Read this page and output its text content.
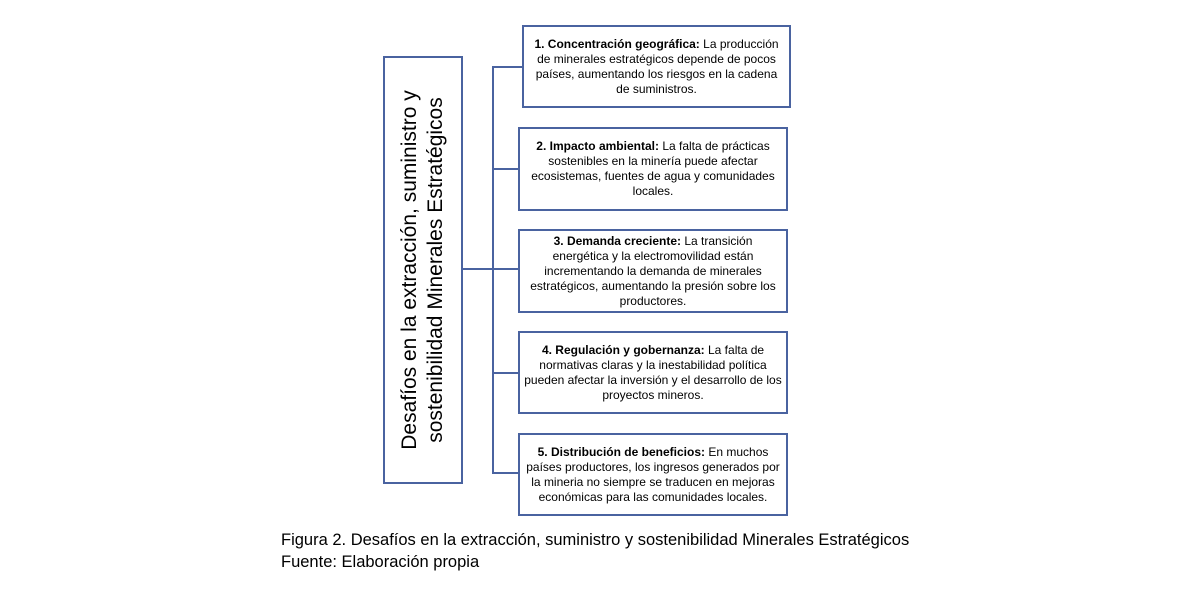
Desafíos en la extracción, suministro y sostenibilidad Minerales Estratégicos
1. Concentración geográfica: La producción de minerales estratégicos depende de pocos países, aumentando los riesgos en la cadena de suministros.
2. Impacto ambiental: La falta de prácticas sostenibles en la minería puede afectar ecosistemas, fuentes de agua y comunidades locales.
3. Demanda creciente: La transición energética y la electromovilidad están incrementando la demanda de minerales estratégicos, aumentando la presión sobre los productores.
4. Regulación y gobernanza: La falta de normativas claras y la inestabilidad política pueden afectar la inversión y el desarrollo de los proyectos mineros.
5. Distribución de beneficios: En muchos países productores, los ingresos generados por la mineria no siempre se traducen en mejoras económicas para las comunidades locales.
Figura 2. Desafíos en la extracción, suministro y sostenibilidad Minerales Estratégicos
Fuente: Elaboración propia
